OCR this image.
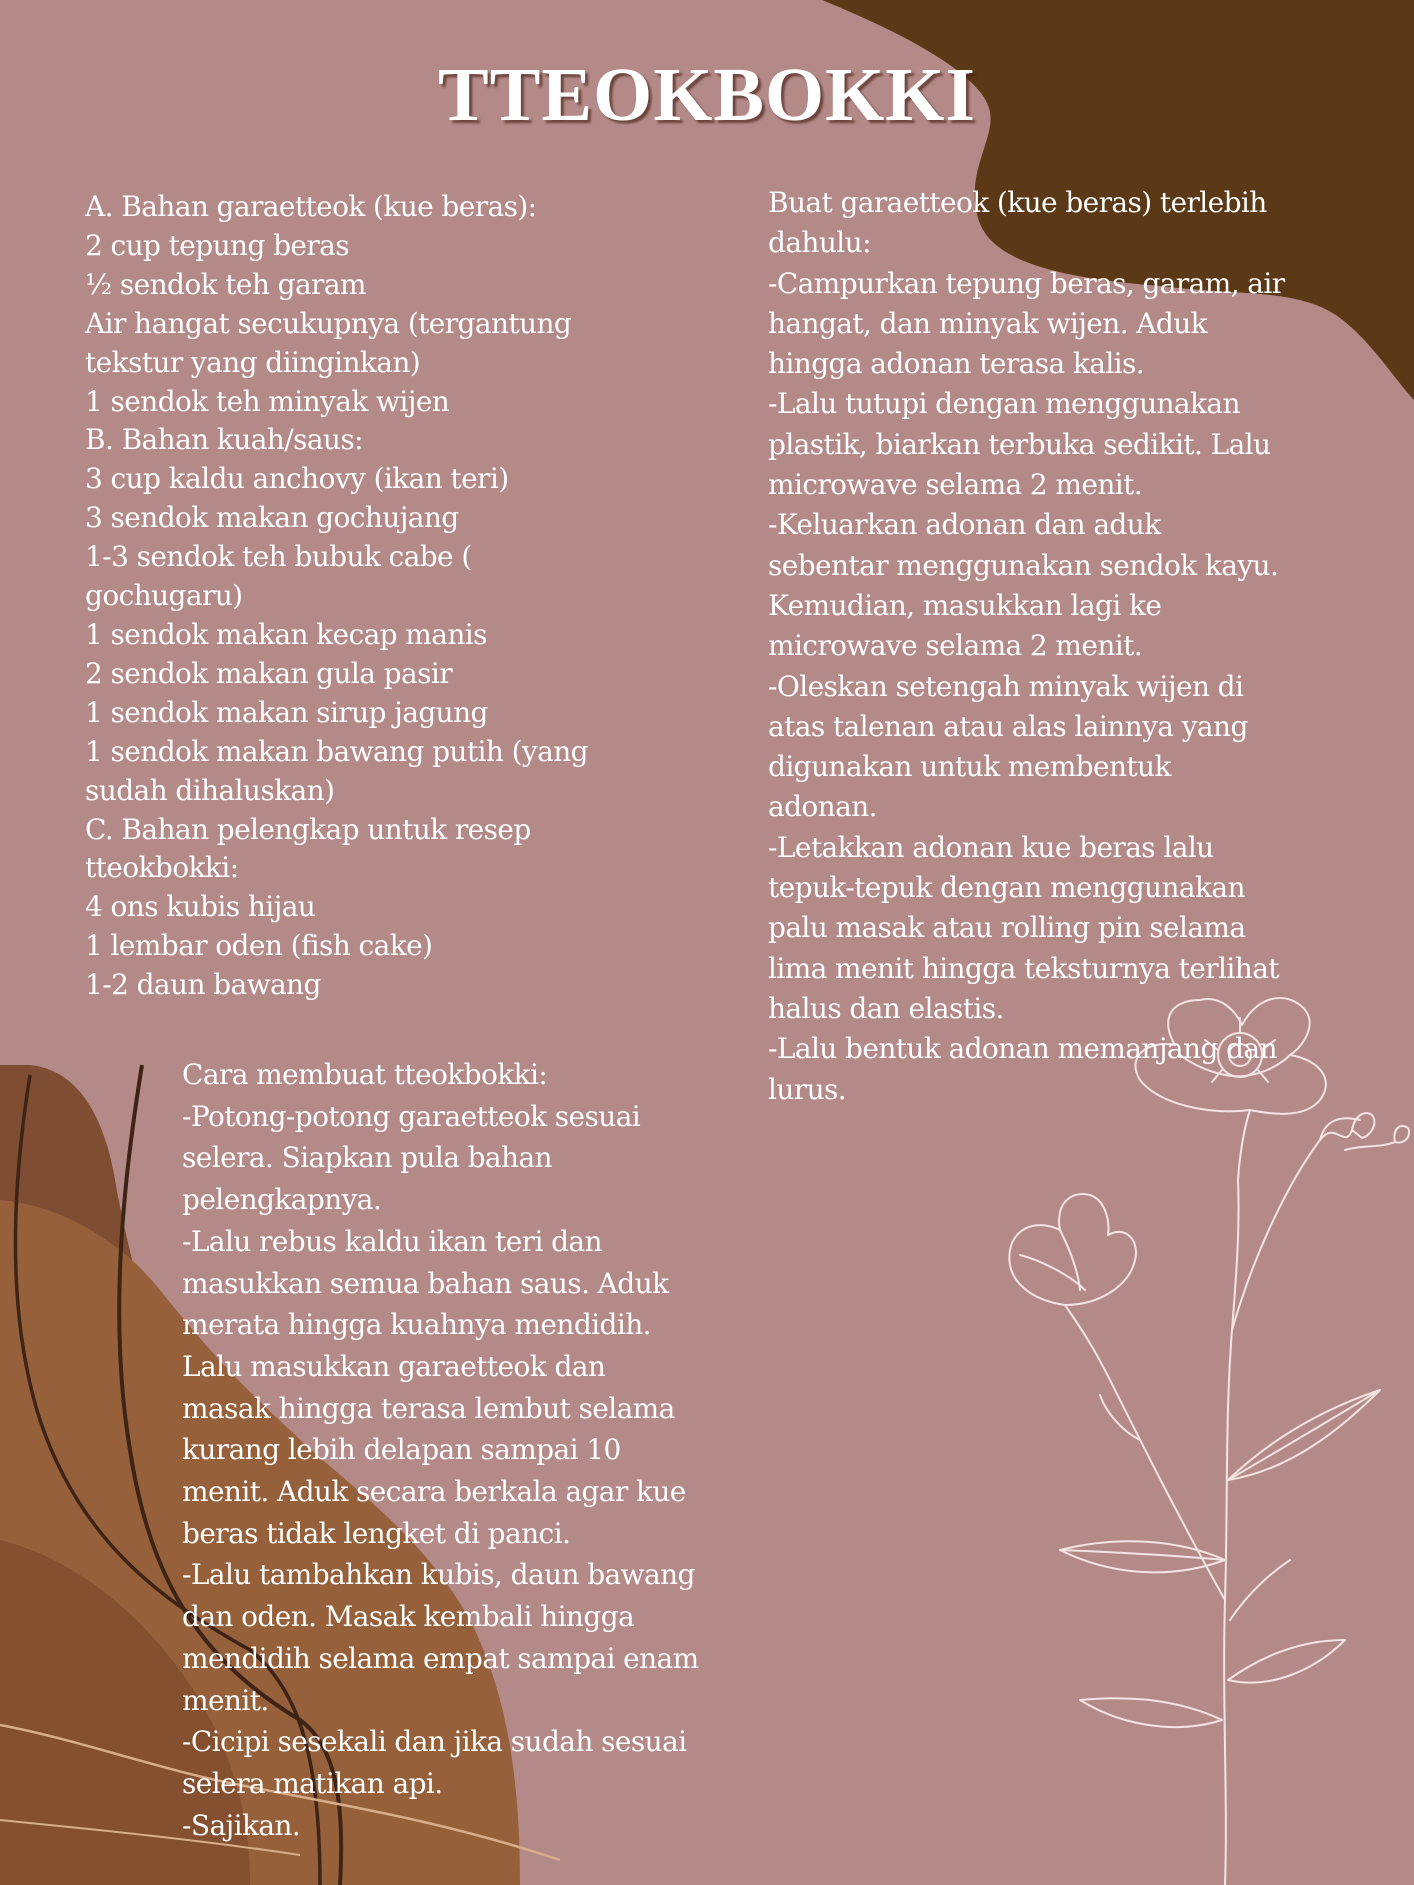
TTEOKBOKKI
A. Bahan garaetteok (kue beras):
2 cup tepung beras
½ sendok teh garam
Air hangat secukupnya (tergantung
tekstur yang diinginkan)
1 sendok teh minyak wijen
B. Bahan kuah/saus:
3 cup kaldu anchovy (ikan teri)
3 sendok makan gochujang
1-3 sendok teh bubuk cabe (
gochugaru)
1 sendok makan kecap manis
2 sendok makan gula pasir
1 sendok makan sirup jagung
1 sendok makan bawang putih (yang
sudah dihaluskan)
C. Bahan pelengkap untuk resep
tteokbokki:
4 ons kubis hijau
1 lembar oden (fish cake)
1-2 daun bawang
Buat garaetteok (kue beras) terlebih
dahulu:
-Campurkan tepung beras, garam, air
hangat, dan minyak wijen. Aduk
hingga adonan terasa kalis.
-Lalu tutupi dengan menggunakan
plastik, biarkan terbuka sedikit. Lalu
microwave selama 2 menit.
-Keluarkan adonan dan aduk
sebentar menggunakan sendok kayu.
Kemudian, masukkan lagi ke
microwave selama 2 menit.
-Oleskan setengah minyak wijen di
atas talenan atau alas lainnya yang
digunakan untuk membentuk
adonan.
-Letakkan adonan kue beras lalu
tepuk-tepuk dengan menggunakan
palu masak atau rolling pin selama
lima menit hingga teksturnya terlihat
halus dan elastis.
-Lalu bentuk adonan memanjang dan
lurus.
Cara membuat tteokbokki:
-Potong-potong garaetteok sesuai
selera. Siapkan pula bahan
pelengkapnya.
-Lalu rebus kaldu ikan teri dan
masukkan semua bahan saus. Aduk
merata hingga kuahnya mendidih.
Lalu masukkan garaetteok dan
masak hingga terasa lembut selama
kurang lebih delapan sampai 10
menit. Aduk secara berkala agar kue
beras tidak lengket di panci.
-Lalu tambahkan kubis, daun bawang
dan oden. Masak kembali hingga
mendidih selama empat sampai enam
menit.
-Cicipi sesekali dan jika sudah sesuai
selera matikan api.
-Sajikan.
